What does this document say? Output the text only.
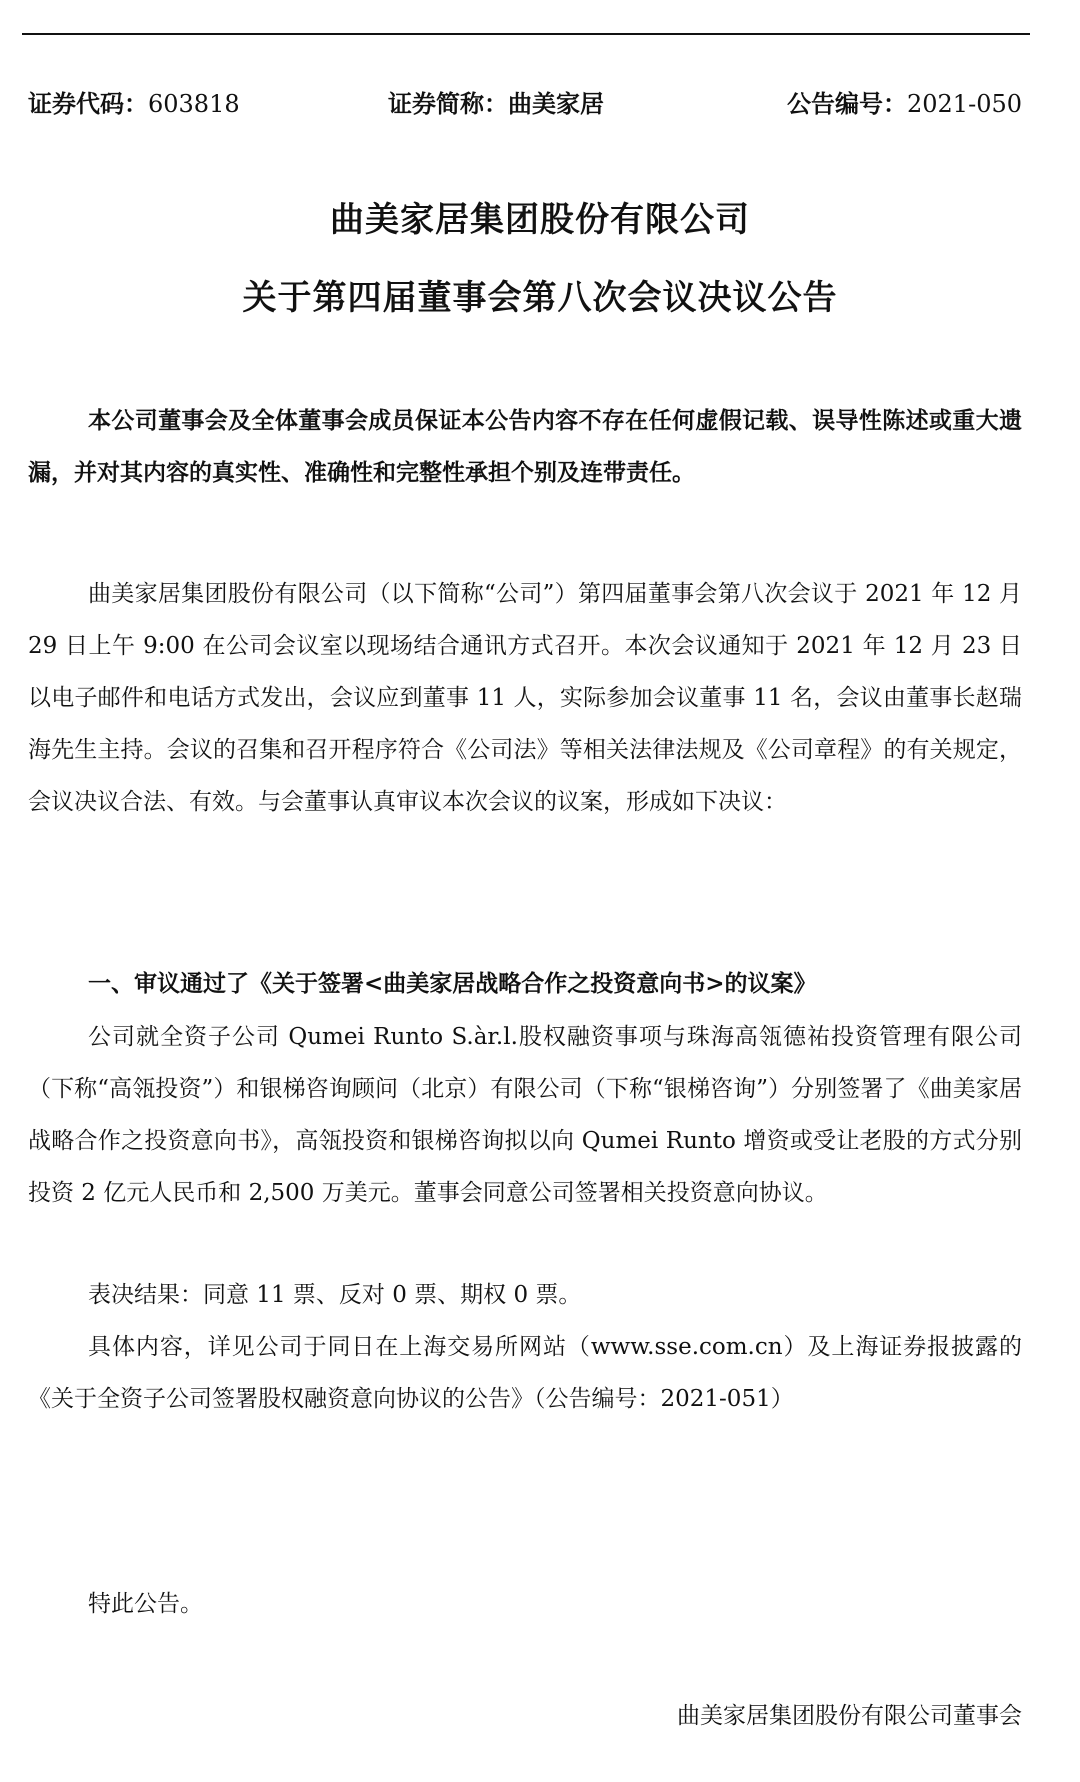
证券代码：603818	证券简称：曲美家居	公告编号：2021-050
曲美家居集团股份有限公司
关于第四届董事会第八次会议决议公告
本公司董事会及全体董事会成员保证本公告内容不存在任何虚假记载、误导性陈述或重大遗漏，并对其内容的真实性、准确性和完整性承担个别及连带责任。
曲美家居集团股份有限公司（以下简称“公司”）第四届董事会第八次会议于 2021 年 12 月 29 日上午 9:00 在公司会议室以现场结合通讯方式召开。本次会议通知于 2021 年 12 月 23 日以电子邮件和电话方式发出，会议应到董事 11 人，实际参加会议董事 11 名，会议由董事长赵瑞海先生主持。会议的召集和召开程序符合《公司法》等相关法律法规及《公司章程》的有关规定，会议决议合法、有效。与会董事认真审议本次会议的议案，形成如下决议：
一、审议通过了《关于签署<曲美家居战略合作之投资意向书>的议案》
公司就全资子公司 Qumei Runto S.àr.l.股权融资事项与珠海高瓴德祐投资管理有限公司（下称“高瓴投资”）和银梯咨询顾问（北京）有限公司（下称“银梯咨询”）分别签署了《曲美家居战略合作之投资意向书》，高瓴投资和银梯咨询拟以向 Qumei Runto 增资或受让老股的方式分别投资 2 亿元人民币和 2,500 万美元。董事会同意公司签署相关投资意向协议。
表决结果：同意 11 票、反对 0 票、期权 0 票。
具体内容，详见公司于同日在上海交易所网站（www.sse.com.cn）及上海证券报披露的《关于全资子公司签署股权融资意向协议的公告》（公告编号：2021-051）
特此公告。
曲美家居集团股份有限公司董事会
